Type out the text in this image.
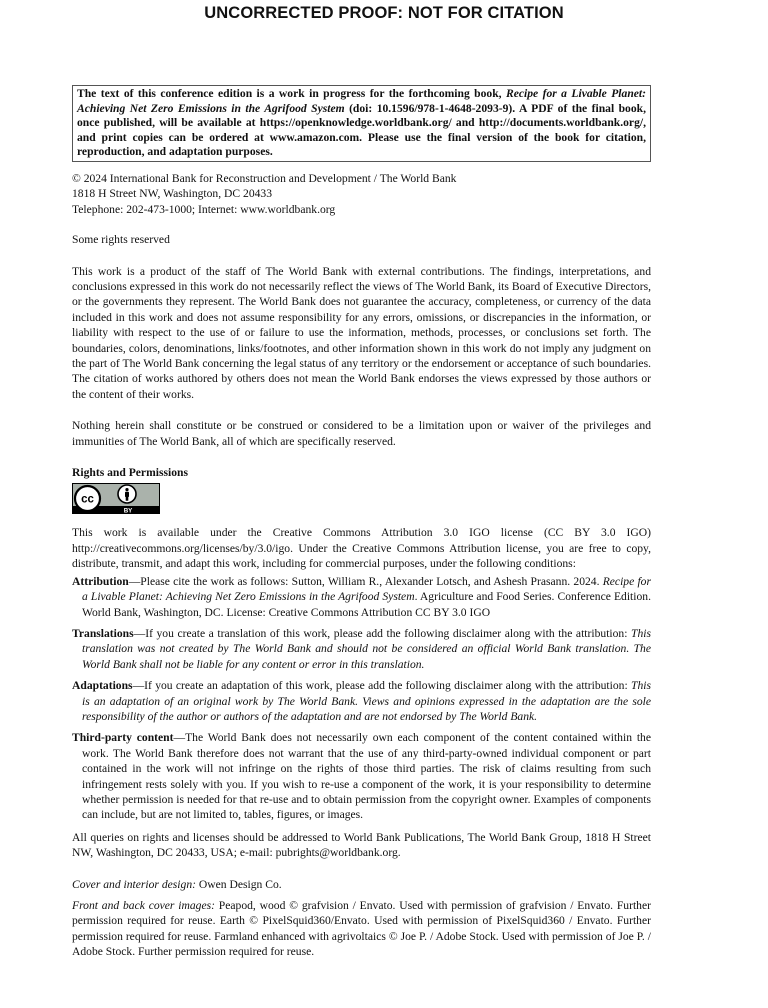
UNCORRECTED PROOF: NOT FOR CITATION
The text of this conference edition is a work in progress for the forthcoming book, Recipe for a Livable Planet: Achieving Net Zero Emissions in the Agrifood System (doi: 10.1596/978-1-4648-2093-9). A PDF of the final book, once published, will be available at https://openknowledge.worldbank.org/ and http://documents.worldbank.org/, and print copies can be ordered at www.amazon.com. Please use the final version of the book for citation, reproduction, and adaptation purposes.

© 2024 International Bank for Reconstruction and Development / The World Bank

1818 H Street NW, Washington, DC 20433

Telephone: 202-473-1000; Internet: www.worldbank.org

Some rights reserved

This work is a product of the staff of The World Bank with external contributions. The findings, interpretations, and conclusions expressed in this work do not necessarily reflect the views of The World Bank, its Board of Executive Directors, or the governments they represent. The World Bank does not guarantee the accuracy, completeness, or currency of the data included in this work and does not assume responsibility for any errors, omissions, or discrepancies in the information, or liability with respect to the use of or failure to use the information, methods, processes, or conclusions set forth. The boundaries, colors, denominations, links/footnotes, and other information shown in this work do not imply any judgment on the part of The World Bank concerning the legal status of any territory or the endorsement or acceptance of such boundaries. The citation of works authored by others does not mean the World Bank endorses the views expressed by those authors or the content of their works.

Nothing herein shall constitute or be construed or considered to be a limitation upon or waiver of the privileges and immunities of The World Bank, all of which are specifically reserved.

Rights and Permissions

cc
BY

This work is available under the Creative Commons Attribution 3.0 IGO license (CC BY 3.0 IGO) http://creativecommons.org/licenses/by/3.0/igo. Under the Creative Commons Attribution license, you are free to copy, distribute, transmit, and adapt this work, including for commercial purposes, under the following conditions:

Attribution—Please cite the work as follows: Sutton, William R., Alexander Lotsch, and Ashesh Prasann. 2024. Recipe for a Livable Planet: Achieving Net Zero Emissions in the Agrifood System. Agriculture and Food Series. Conference Edition. World Bank, Washington, DC. License: Creative Commons Attribution CC BY 3.0 IGO

Translations—If you create a translation of this work, please add the following disclaimer along with the attribution: This translation was not created by The World Bank and should not be considered an official World Bank translation. The World Bank shall not be liable for any content or error in this translation.

Adaptations—If you create an adaptation of this work, please add the following disclaimer along with the attribution: This is an adaptation of an original work by The World Bank. Views and opinions expressed in the adaptation are the sole responsibility of the author or authors of the adaptation and are not endorsed by The World Bank.

Third-party content—The World Bank does not necessarily own each component of the content contained within the work. The World Bank therefore does not warrant that the use of any third-party-owned individual component or part contained in the work will not infringe on the rights of those third parties. The risk of claims resulting from such infringement rests solely with you. If you wish to re-use a component of the work, it is your responsibility to determine whether permission is needed for that re-use and to obtain permission from the copyright owner. Examples of components can include, but are not limited to, tables, figures, or images.

All queries on rights and licenses should be addressed to World Bank Publications, The World Bank Group, 1818 H Street NW, Washington, DC 20433, USA; e-mail: pubrights@worldbank.org.

Cover and interior design: Owen Design Co.

Front and back cover images: Peapod, wood © grafvision / Envato. Used with permission of grafvision / Envato. Further permission required for reuse. Earth © PixelSquid360/Envato. Used with permission of PixelSquid360 / Envato. Further permission required for reuse. Farmland enhanced with agrivoltaics © Joe P. / Adobe Stock. Used with permission of Joe P. / Adobe Stock. Further permission required for reuse.
